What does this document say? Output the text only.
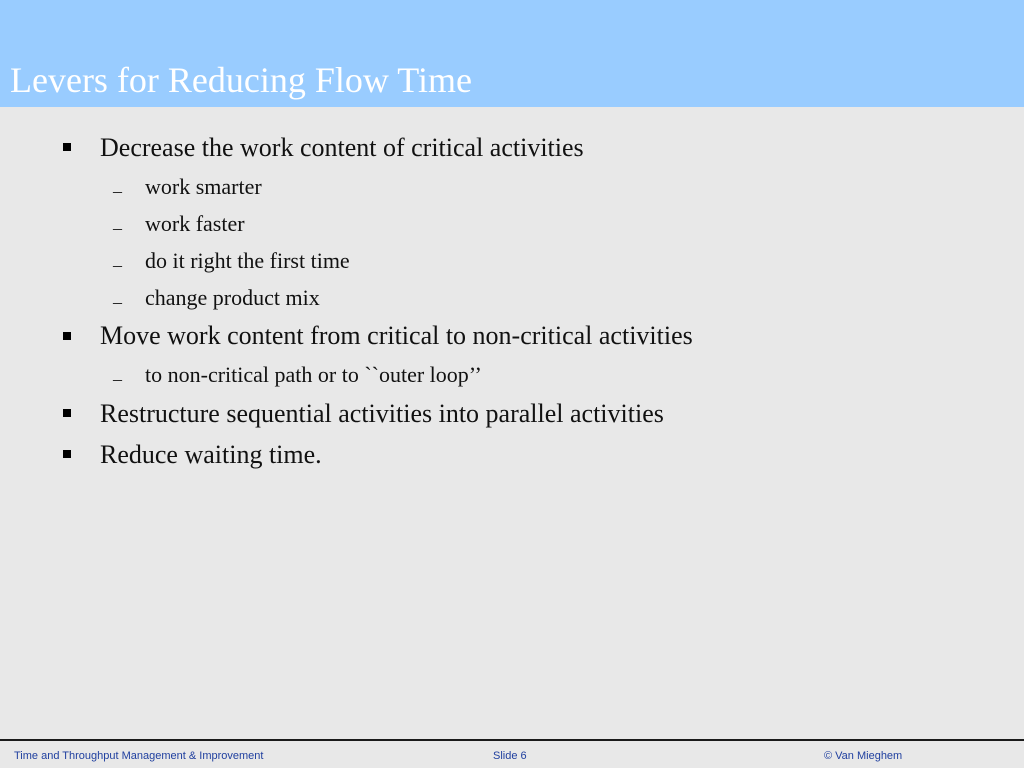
Levers for Reducing Flow Time
Decrease the work content of critical activities
– work smarter
– work faster
– do it right the first time
– change product mix
Move work content from critical to non-critical activities
– to non-critical path or to ``outer loop’’
Restructure sequential activities into parallel activities
Reduce waiting time.
Time and Throughput Management & Improvement	Slide 6	© Van Mieghem
